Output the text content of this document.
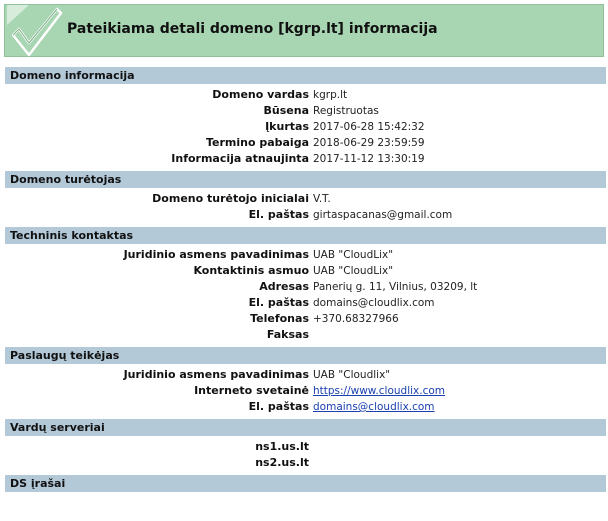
Pateikiama detali domeno [kgrp.lt] informacija
Domeno informacija
Domeno vardas kgrp.lt
Būsena Registruotas
Įkurtas 2017-06-28 15:42:32
Termino pabaiga 2018-06-29 23:59:59
Informacija atnaujinta 2017-11-12 13:30:19
Domeno turėtojas
Domeno turėtojo inicialai V.T.
El. paštas girtaspacanas@gmail.com
Techninis kontaktas
Juridinio asmens pavadinimas UAB "CloudLix"
Kontaktinis asmuo UAB "CloudLix"
Adresas Panerių g. 11, Vilnius, 03209, lt
El. paštas domains@cloudlix.com
Telefonas +370.68327966
Faksas
Paslaugų teikėjas
Juridinio asmens pavadinimas UAB "Cloudlix"
Interneto svetainė https://www.cloudlix.com
El. paštas domains@cloudlix.com
Vardų serveriai
ns1.us.lt
ns2.us.lt
DS įrašai
